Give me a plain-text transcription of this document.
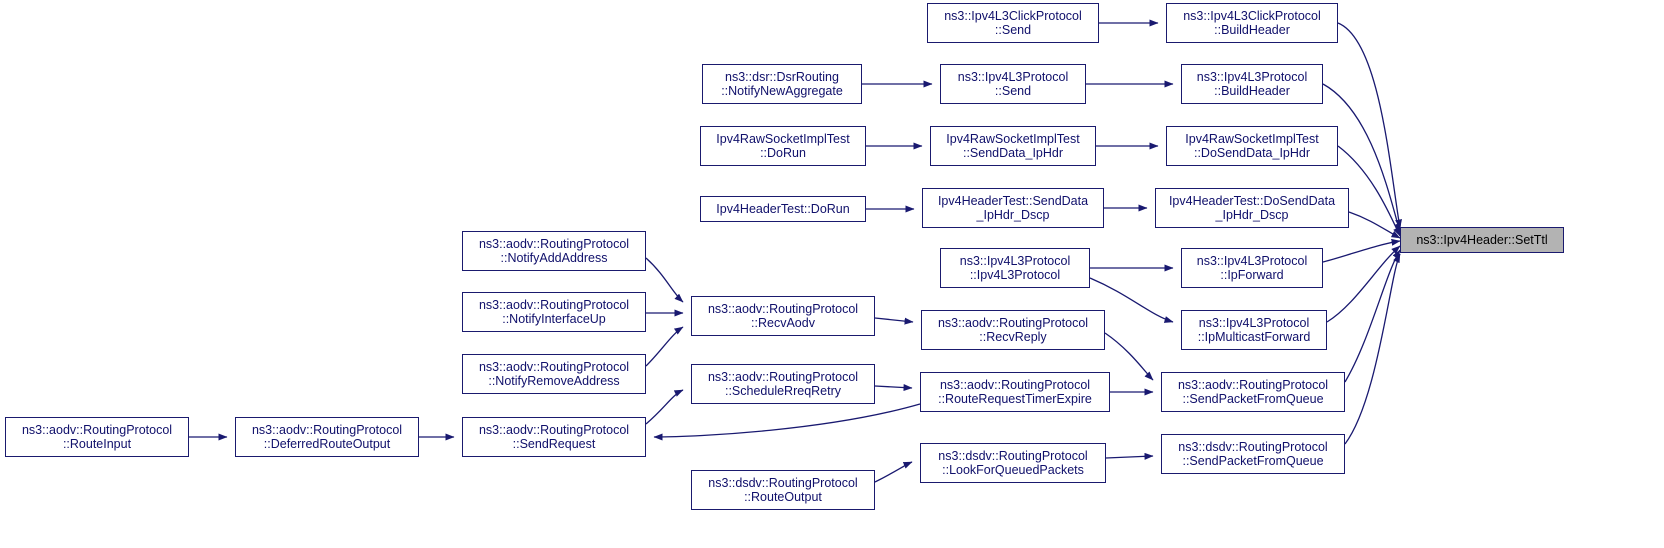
ns3::Ipv4L3ClickProtocol
::Send
ns3::Ipv4L3ClickProtocol
::BuildHeader
ns3::dsr::DsrRouting
::NotifyNewAggregate
ns3::Ipv4L3Protocol
::Send
ns3::Ipv4L3Protocol
::BuildHeader
Ipv4RawSocketImplTest
::DoRun
Ipv4RawSocketImplTest
::SendData_IpHdr
Ipv4RawSocketImplTest
::DoSendData_IpHdr
Ipv4HeaderTest::DoRun
Ipv4HeaderTest::SendData
_IpHdr_Dscp
Ipv4HeaderTest::DoSendData
_IpHdr_Dscp
ns3::Ipv4Header::SetTtl
ns3::aodv::RoutingProtocol
::NotifyAddAddress	ns3::Ipv4L3Protocol
::Ipv4L3Protocol
ns3::Ipv4L3Protocol
::IpForward
ns3::aodv::RoutingProtocol
::NotifyInterfaceUp
ns3::aodv::RoutingProtocol
::RecvAodv	ns3::aodv::RoutingProtocol
::RecvReply
ns3::Ipv4L3Protocol
::IpMulticastForward
ns3::aodv::RoutingProtocol
::NotifyRemoveAddress	ns3::aodv::RoutingProtocol
::ScheduleRreqRetry	ns3::aodv::RoutingProtocol
::RouteRequestTimerExpire
ns3::aodv::RoutingProtocol
::SendPacketFromQueue
ns3::aodv::RoutingProtocol
::RouteInput
ns3::aodv::RoutingProtocol
::DeferredRouteOutput
ns3::aodv::RoutingProtocol
::SendRequest	ns3::dsdv::RoutingProtocol
::SendPacketFromQueue
ns3::dsdv::RoutingProtocol
::LookForQueuedPackets
ns3::dsdv::RoutingProtocol
::RouteOutput
